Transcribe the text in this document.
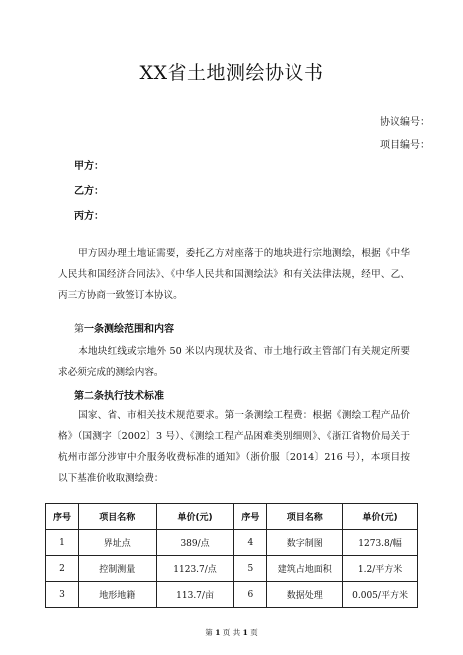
XX省土地测绘协议书
协议编号：
项目编号：
甲方：
乙方：
丙方：
甲方因办理土地证需要，委托乙方对座落于的地块进行宗地测绘，根据《中华人民共和国经济合同法》、《中华人民共和国测绘法》和有关法律法规，经甲、乙、丙三方协商一致签订本协议。
第一条测绘范围和内容
本地块红线或宗地外 50 米以内现状及省、市土地行政主管部门有关规定所要求必须完成的测绘内容。
第二条执行技术标准
国家、省、市相关技术规范要求。第一条测绘工程费：根据《测绘工程产品价格》（国测字〔2002〕3 号）、《测绘工程产品困难类别细则》、《浙江省物价局关于杭州市部分涉审中介服务收费标准的通知》（浙价服〔2014〕216 号），本项目按以下基准价收取测绘费：
序号	项目名称	单价(元)	序号	项目名称	单价(元)
1	界址点	389/点	4	数字制图	1273.8/幅
2	控制测量	1123.7/点	5	建筑占地面积	1.2/平方米
3	地形地籍	113.7/亩	6	数据处理	0.005/平方米
第 1 页 共 1 页
